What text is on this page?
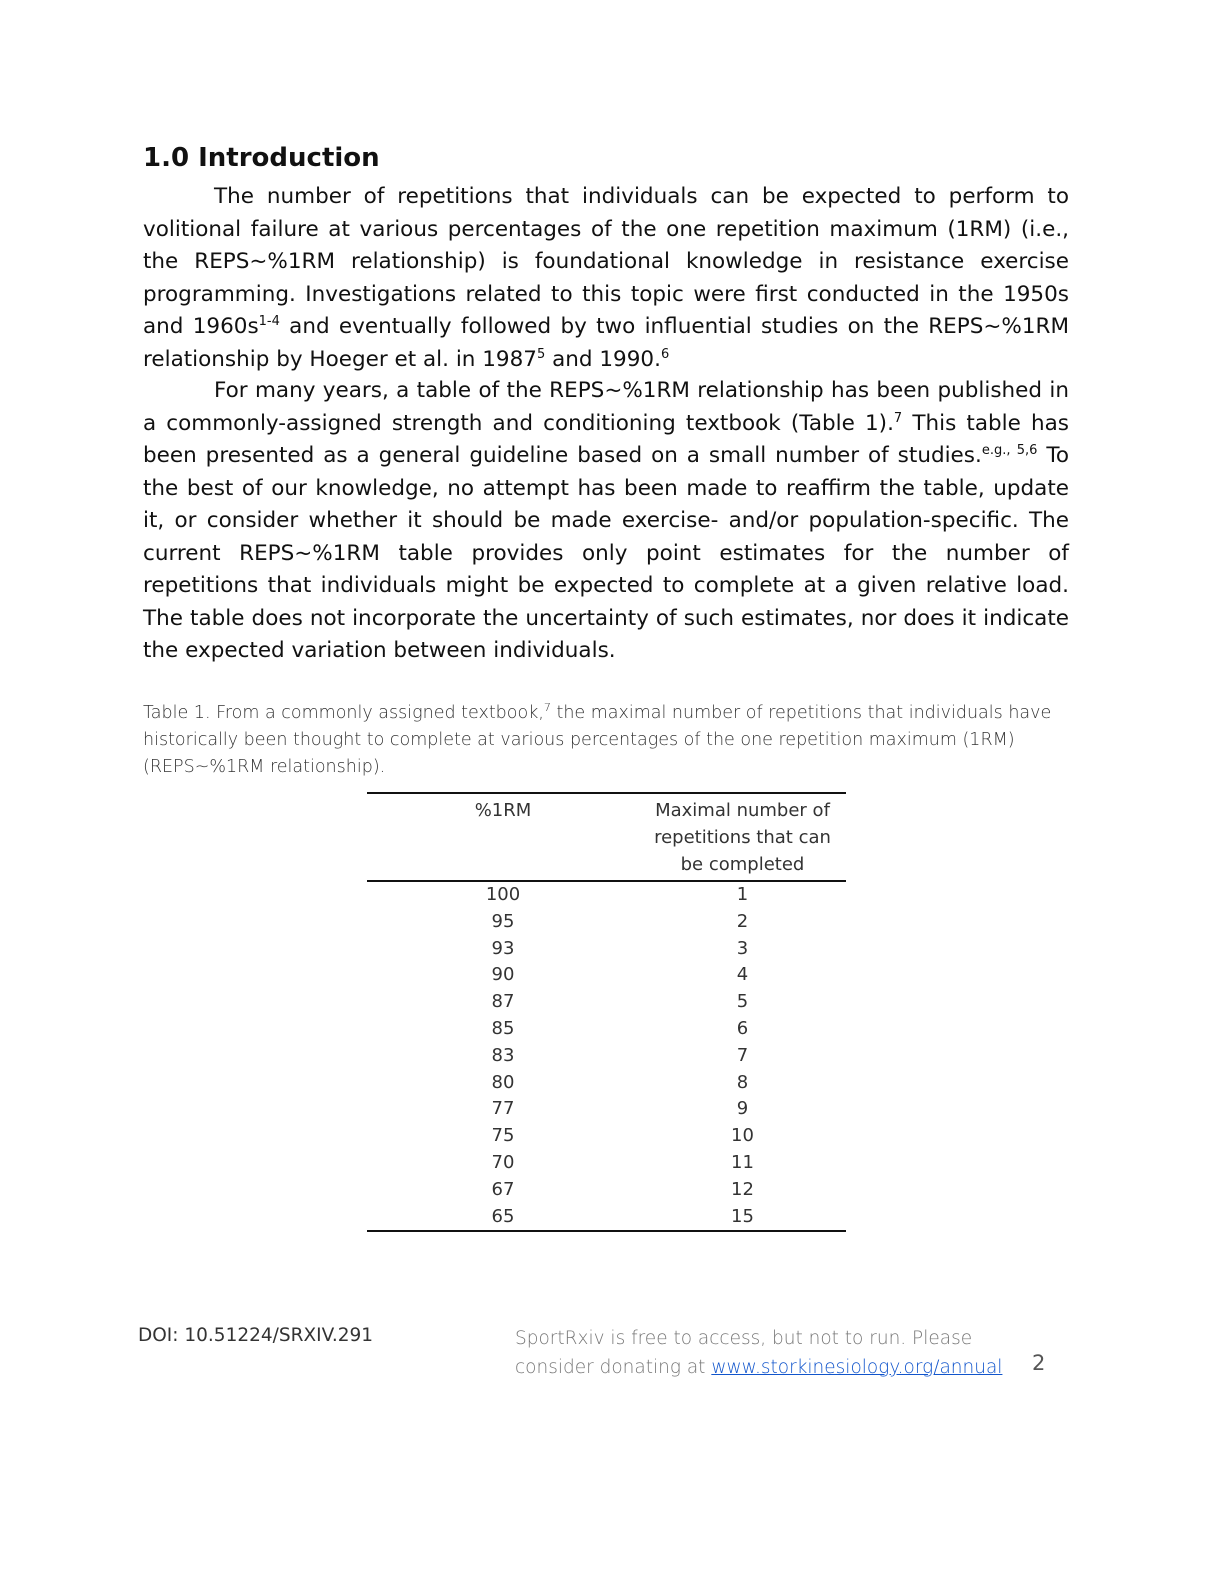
1.0 Introduction

The number of repetitions that individuals can be expected to perform to volitional failure at various percentages of the one repetition maximum (1RM) (i.e., the REPS~%1RM relationship) is foundational knowledge in resistance exercise programming. Investigations related to this topic were first conducted in the 1950s and $1960s^{1-4}$ and eventually followed by two influential studies on the REPS~%1RM relationship by Hoeger et al. in 1987$^5$ and 1990.$^6$

For many years, a table of the REPS~%1RM relationship has been published in a commonly-assigned strength and conditioning textbook (Table 1).$^7$ This table has been presented as a general guideline based on a small number of studies.$^{e.g., 5,6}$ To the best of our knowledge, no attempt has been made to reaffirm the table, update it, or consider whether it should be made exercise- and/or population-specific. The current REPS~%1RM table provides only point estimates for the number of repetitions that individuals might be expected to complete at a given relative load. The table does not incorporate the uncertainty of such estimates, nor does it indicate the expected variation between individuals.

Table 1. From a commonly assigned textbook,$^7$ the maximal number of repetitions that individuals have historically been thought to complete at various percentages of the one repetition maximum (1RM) (REPS~%1RM relationship).

%1RM	Maximal number of repetitions that can be completed
100	1
95	2
93	3
90	4
87	5
85	6
83	7
80	8
77	9
75	10
70	11
67	12
65	15
DOI: 10.51224/SRXIV.291	SportRxiv is free to access, but not to run. Please consider donating at www.storkinesiology.org/annual	2
